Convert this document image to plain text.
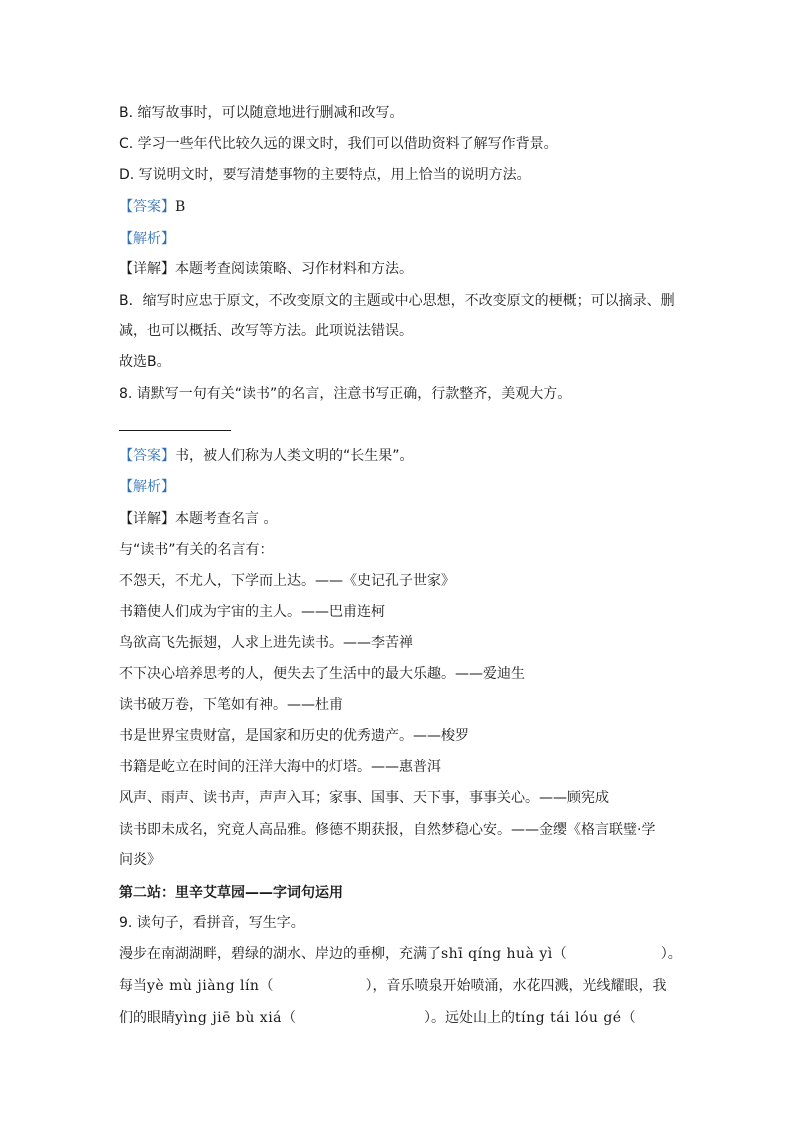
B. 缩写故事时，可以随意地进行删减和改写。
C. 学习一些年代比较久远的课文时，我们可以借助资料了解写作背景。
D. 写说明文时，要写清楚事物的主要特点，用上恰当的说明方法。
【答案】B
【解析】
【详解】本题考查阅读策略、习作材料和方法。
B．缩写时应忠于原文，不改变原文的主题或中心思想，不改变原文的梗概；可以摘录、删
减，也可以概括、改写等方法。此项说法错误。
故选B。
8. 请默写一句有关“读书”的名言，注意书写正确，行款整齐，美观大方。
【答案】书，被人们称为人类文明的“长生果”。
【解析】
【详解】本题考查名言 。
与“读书”有关的名言有：
不怨天，不尤人，下学而上达。——《史记孔子世家》
书籍使人们成为宇宙的主人。——巴甫连柯
鸟欲高飞先振翅，人求上进先读书。——李苦禅
不下决心培养思考的人，便失去了生活中的最大乐趣。——爱迪生
读书破万卷，下笔如有神。——杜甫
书是世界宝贵财富，是国家和历史的优秀遗产。——梭罗
书籍是屹立在时间的汪洋大海中的灯塔。——惠普洱
风声、雨声、读书声，声声入耳；家事、国事、天下事，事事关心。——顾宪成
读书即未成名，究竟人高品雅。修德不期获报，自然梦稳心安。——金缨《格言联璧·学
问炎》
第二站：里辛艾草园——字词句运用
9. 读句子，看拼音，写生字。
漫步在南湖湖畔，碧绿的湖水、岸边的垂柳，充满了shī qíng huà yì（	）。
每当yè mù jiàng lín（	），音乐喷泉开始喷涌，水花四溅，光线耀眼，我
们的眼睛yìng jiē bù xiá（	）。远处山上的tíng tái lóu gé（
